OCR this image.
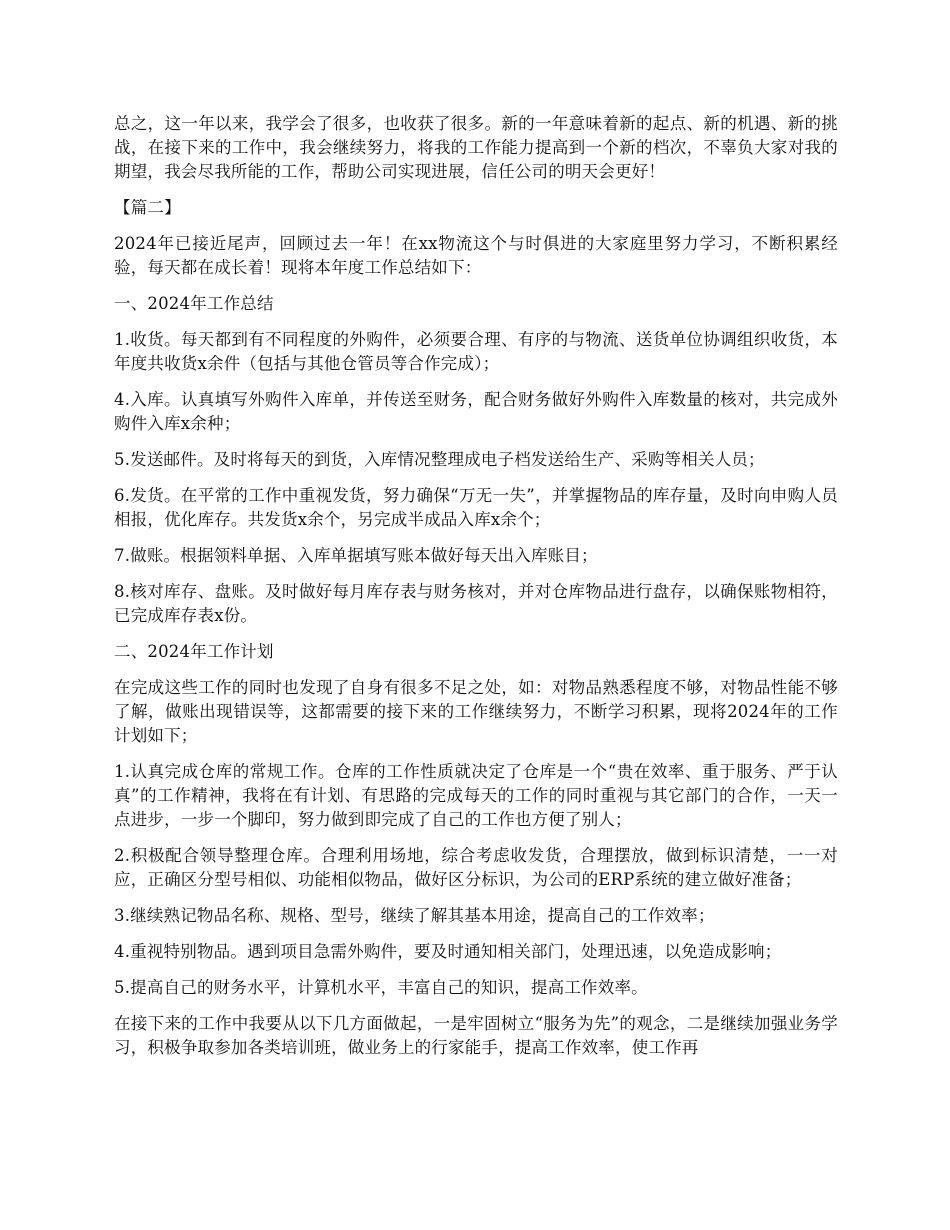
总之，这一年以来，我学会了很多，也收获了很多。新的一年意味着新的起点、新的机遇、新的挑战，在接下来的工作中，我会继续努力，将我的工作能力提高到一个新的档次，不辜负大家对我的期望，我会尽我所能的工作，帮助公司实现进展，信任公司的明天会更好！

【篇二】

2024年已接近尾声，回顾过去一年！在xx物流这个与时俱进的大家庭里努力学习，不断积累经验，每天都在成长着！现将本年度工作总结如下：

一、2024年工作总结

1.收货。每天都到有不同程度的外购件，必须要合理、有序的与物流、送货单位协调组织收货，本年度共收货x余件（包括与其他仓管员等合作完成）；

4.入库。认真填写外购件入库单，并传送至财务，配合财务做好外购件入库数量的核对，共完成外购件入库x余种；

5.发送邮件。及时将每天的到货，入库情况整理成电子档发送给生产、采购等相关人员；

6.发货。在平常的工作中重视发货，努力确保“万无一失”，并掌握物品的库存量，及时向申购人员相报，优化库存。共发货x余个，另完成半成品入库x余个；

7.做账。根据领料单据、入库单据填写账本做好每天出入库账目；

8.核对库存、盘账。及时做好每月库存表与财务核对，并对仓库物品进行盘存，以确保账物相符，已完成库存表x份。

二、2024年工作计划

在完成这些工作的同时也发现了自身有很多不足之处，如：对物品熟悉程度不够，对物品性能不够了解，做账出现错误等，这都需要的接下来的工作继续努力，不断学习积累，现将2024年的工作计划如下；

1.认真完成仓库的常规工作。仓库的工作性质就决定了仓库是一个“贵在效率、重于服务、严于认真”的工作精神，我将在有计划、有思路的完成每天的工作的同时重视与其它部门的合作，一天一点进步，一步一个脚印，努力做到即完成了自己的工作也方便了别人；

2.积极配合领导整理仓库。合理利用场地，综合考虑收发货，合理摆放，做到标识清楚，一一对应，正确区分型号相似、功能相似物品，做好区分标识，为公司的ERP系统的建立做好准备；

3.继续熟记物品名称、规格、型号，继续了解其基本用途，提高自己的工作效率；

4.重视特别物品。遇到项目急需外购件，要及时通知相关部门，处理迅速，以免造成影响；

5.提高自己的财务水平，计算机水平，丰富自己的知识，提高工作效率。

在接下来的工作中我要从以下几方面做起，一是牢固树立“服务为先”的观念，二是继续加强业务学习，积极争取参加各类培训班，做业务上的行家能手，提高工作效率，使工作再
